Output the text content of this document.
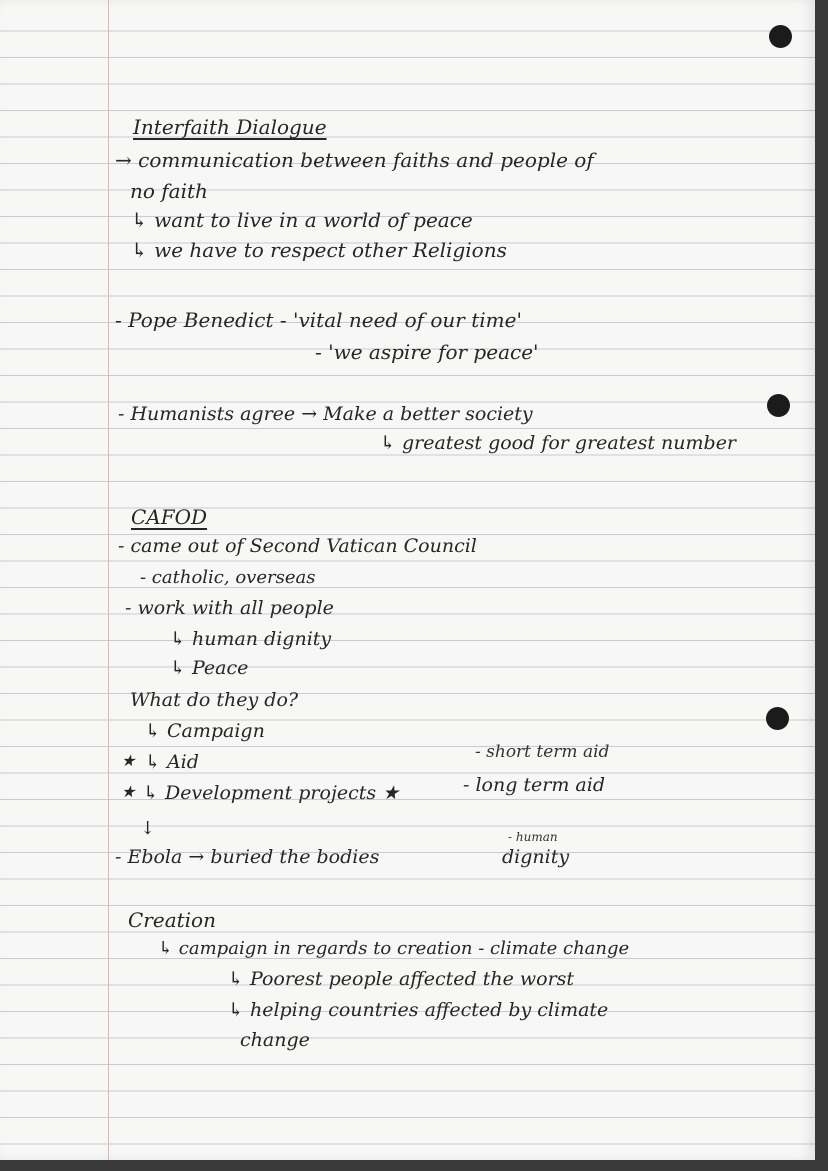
Interfaith Dialogue
→ communication between faiths and people of
no faith
↳ want to live in a world of peace
↳ we have to respect other Religions
- Pope Benedict - 'vital need of our time'
- 'we aspire for peace'
- Humanists agree → Make a better society
↳ greatest good for greatest number
CAFOD
- came out of Second Vatican Council
- catholic, overseas
- work with all people
↳ human dignity
↳ Peace
What do they do?
↳ Campaign
★ ↳ Aid	- short term aid
★ ↳ Development projects ★	- long term aid
↓	- human
- Ebola → buried the bodies	dignity
Creation
↳ campaign in regards to creation - climate change
↳ Poorest people affected the worst
↳ helping countries affected by climate
change
